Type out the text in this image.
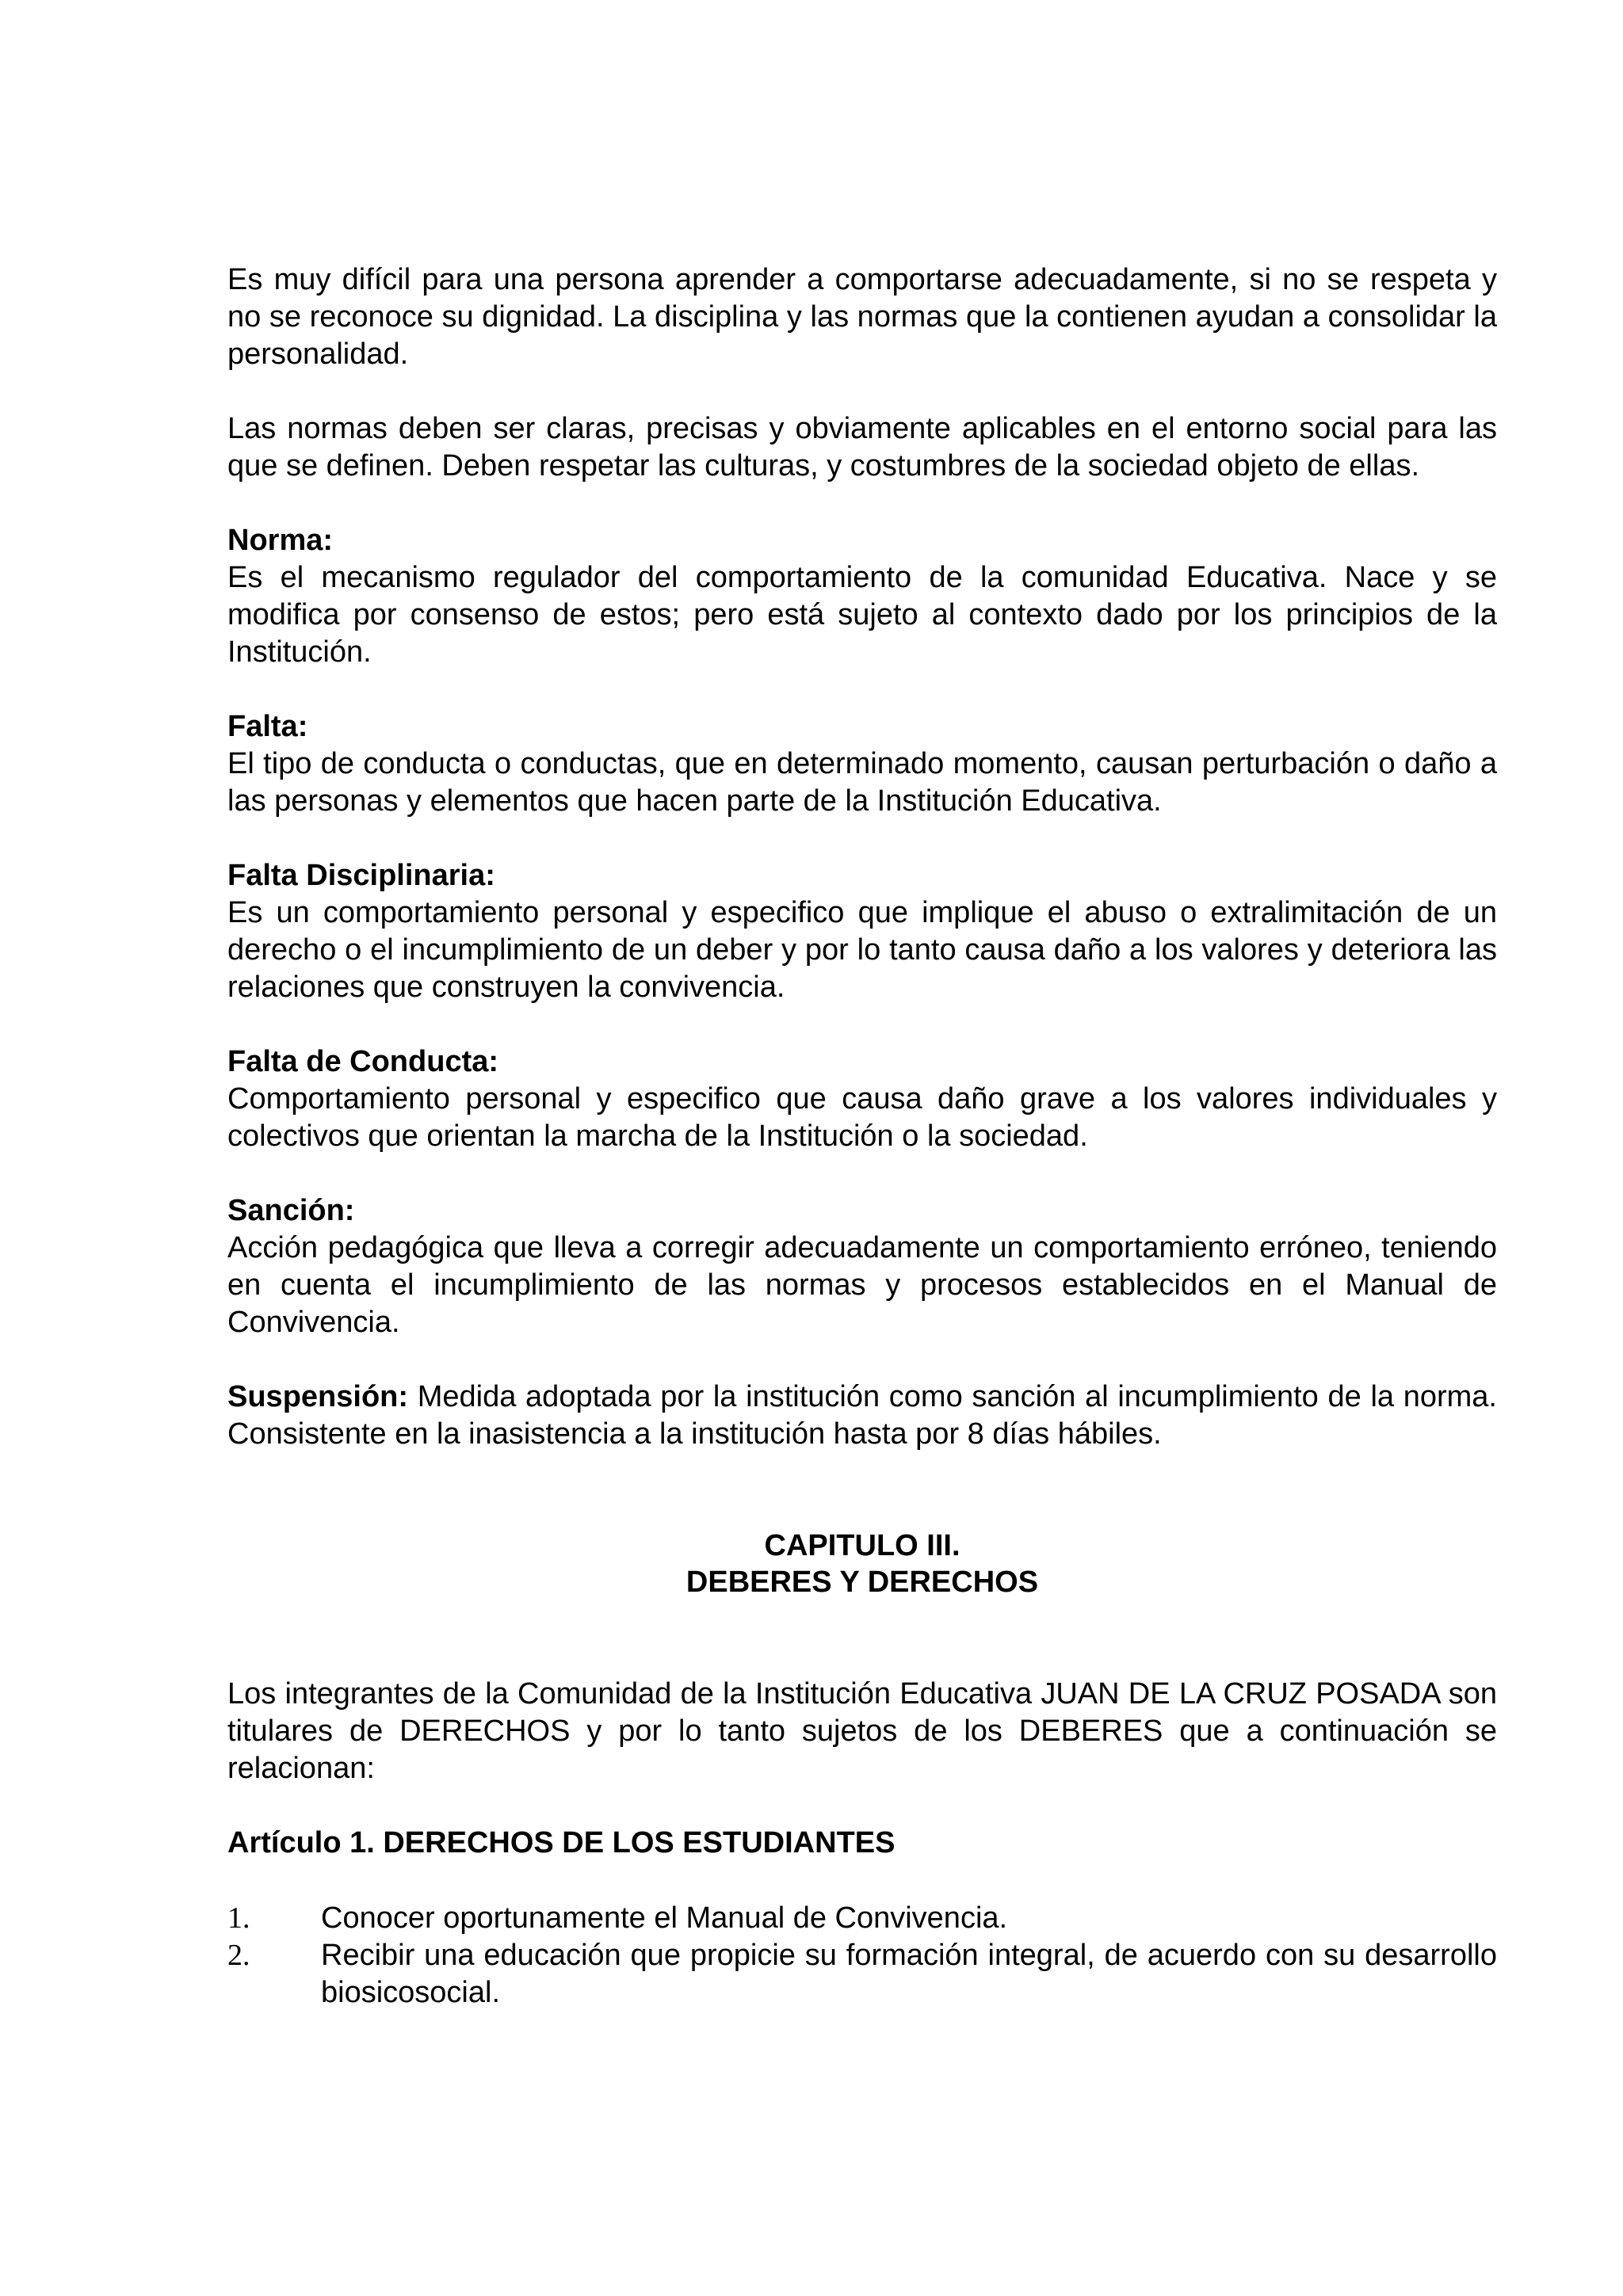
Es muy difícil para una persona aprender a comportarse adecuadamente, si no se respeta y no se reconoce su dignidad. La disciplina y las normas que la contienen ayudan a consolidar la personalidad.

Las normas deben ser claras, precisas y obviamente aplicables en el entorno social para las que se definen. Deben respetar las culturas, y costumbres de la sociedad objeto de ellas.

Norma:

Es el mecanismo regulador del comportamiento de la comunidad Educativa. Nace y se modifica por consenso de estos; pero está sujeto al contexto dado por los principios de la Institución.

Falta:

El tipo de conducta o conductas, que en determinado momento, causan perturbación o daño a las personas y elementos que hacen parte de la Institución Educativa.

Falta Disciplinaria:

Es un comportamiento personal y especifico que implique el abuso o extralimitación de un derecho o el incumplimiento de un deber y por lo tanto causa daño a los valores y deteriora las relaciones que construyen la convivencia.

Falta de Conducta:

Comportamiento personal y especifico que causa daño grave a los valores individuales y colectivos que orientan la marcha de la Institución o la sociedad.

Sanción:

Acción pedagógica que lleva a corregir adecuadamente un comportamiento erróneo, teniendo en cuenta el incumplimiento de las normas y procesos establecidos en el Manual de Convivencia.

Suspensión: Medida adoptada por la institución como sanción al incumplimiento de la norma. Consistente en la inasistencia a la institución hasta por 8 días hábiles.

CAPITULO III.
DEBERES Y DERECHOS

Los integrantes de la Comunidad de la Institución Educativa JUAN DE LA CRUZ POSADA son titulares de DERECHOS y por lo tanto sujetos de los DEBERES que a continuación se relacionan:

Artículo 1. DERECHOS DE LOS ESTUDIANTES

1. Conocer oportunamente el Manual de Convivencia.
2. Recibir una educación que propicie su formación integral, de acuerdo con su desarrollo biosicosocial.
